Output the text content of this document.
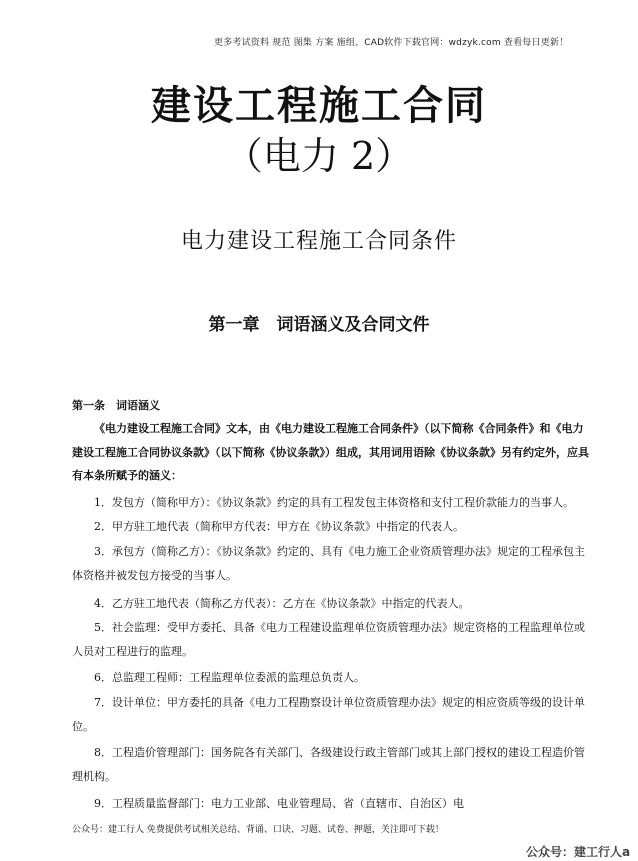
更多考试资料 规范 图集 方案 施组、CAD软件下载官网：wdzyk.com 查看每日更新！
建设工程施工合同
（电力 2）
电力建设工程施工合同条件
第一章　词语涵义及合同文件
第一条　词语涵义
《电力建设工程施工合同》文本，由《电力建设工程施工合同条件》（以下简称《合同条件》和《电力建设工程施工合同协议条款》（以下简称《协议条款》）组成，其用词用语除《协议条款》另有约定外，应具有本条所赋予的涵义：
1．发包方（简称甲方）：《协议条款》约定的具有工程发包主体资格和支付工程价款能力的当事人。
2．甲方驻工地代表（简称甲方代表：甲方在《协议条款》中指定的代表人。
3．承包方（简称乙方）：《协议条款》约定的、具有《电力施工企业资质管理办法》规定的工程承包主体资格并被发包方接受的当事人。
4．乙方驻工地代表（简称乙方代表）：乙方在《协议条款》中指定的代表人。
5．社会监理：受甲方委托、具备《电力工程建设监理单位资质管理办法》规定资格的工程监理单位或人员对工程进行的监理。
6．总监理工程师：工程监理单位委派的监理总负责人。
7．设计单位：甲方委托的具备《电力工程勘察设计单位资质管理办法》规定的相应资质等级的设计单位。
8．工程造价管理部门：国务院各有关部门、各级建设行政主管部门或其上部门授权的建设工程造价管理机构。
9．工程质量监督部门：电力工业部、电业管理局、省（直辖市、自治区）电
公众号：建工行人 免费提供考试相关总结、背诵、口诀、习题、试卷、押题，关注即可下载！
公众号：建工行人a
